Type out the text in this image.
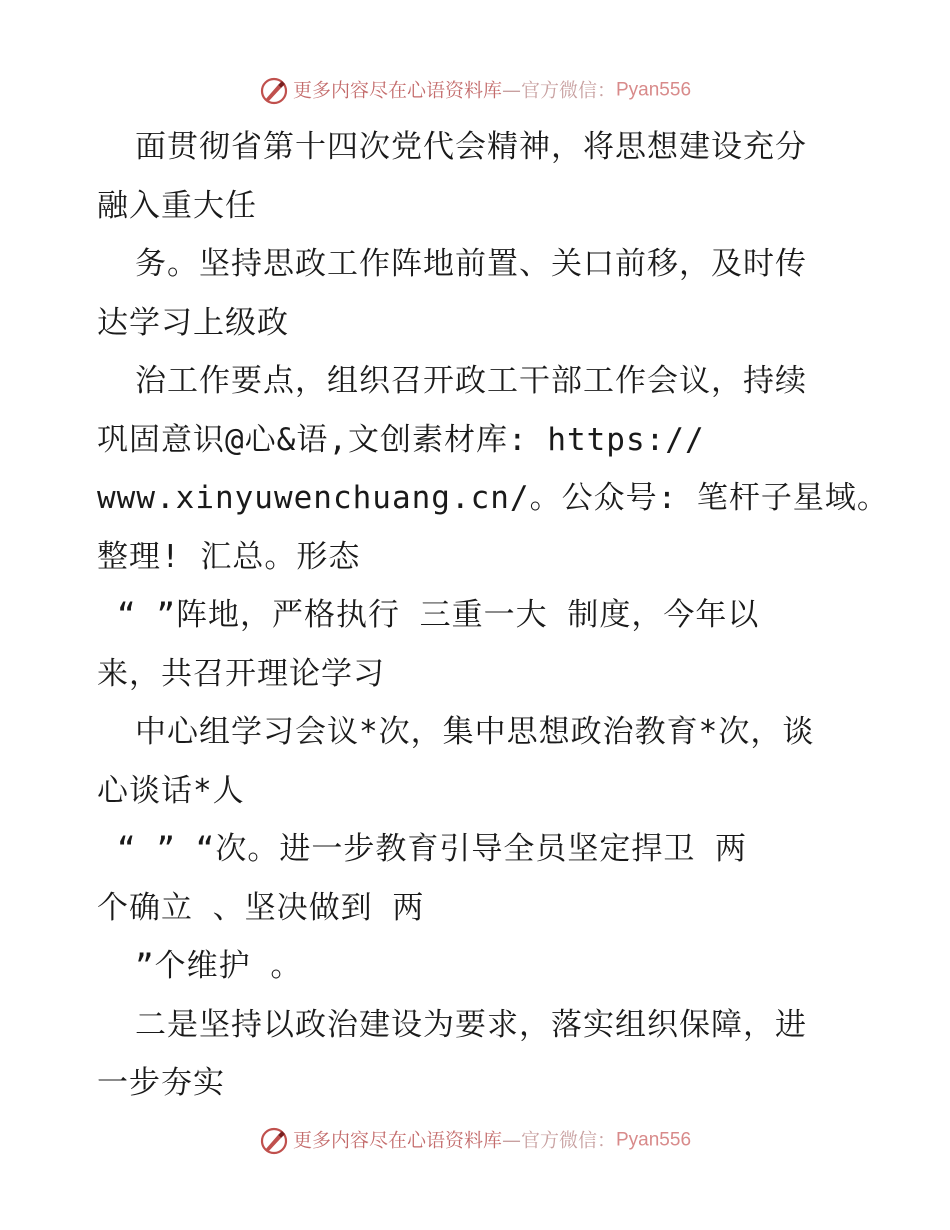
更多内容尽在心语资料库—官方微信：Pyan556
面贯彻省第十四次党代会精神，将思想建设充分
融入重大任
务。坚持思政工作阵地前置、关口前移，及时传
达学习上级政
治工作要点，组织召开政工干部工作会议，持续
巩固意识@心&语,文创素材库: https://
www.xinyuwenchuang.cn/。公众号: 笔杆子星域。
整理! 汇总。形态
“ ”阵地，严格执行 三重一大 制度，今年以
来，共召开理论学习
中心组学习会议*次，集中思想政治教育*次，谈
心谈话*人
“ ” “次。进一步教育引导全员坚定捍卫 两
个确立 、坚决做到 两
”个维护 。
二是坚持以政治建设为要求，落实组织保障，进
一步夯实
更多内容尽在心语资料库—官方微信：Pyan556
